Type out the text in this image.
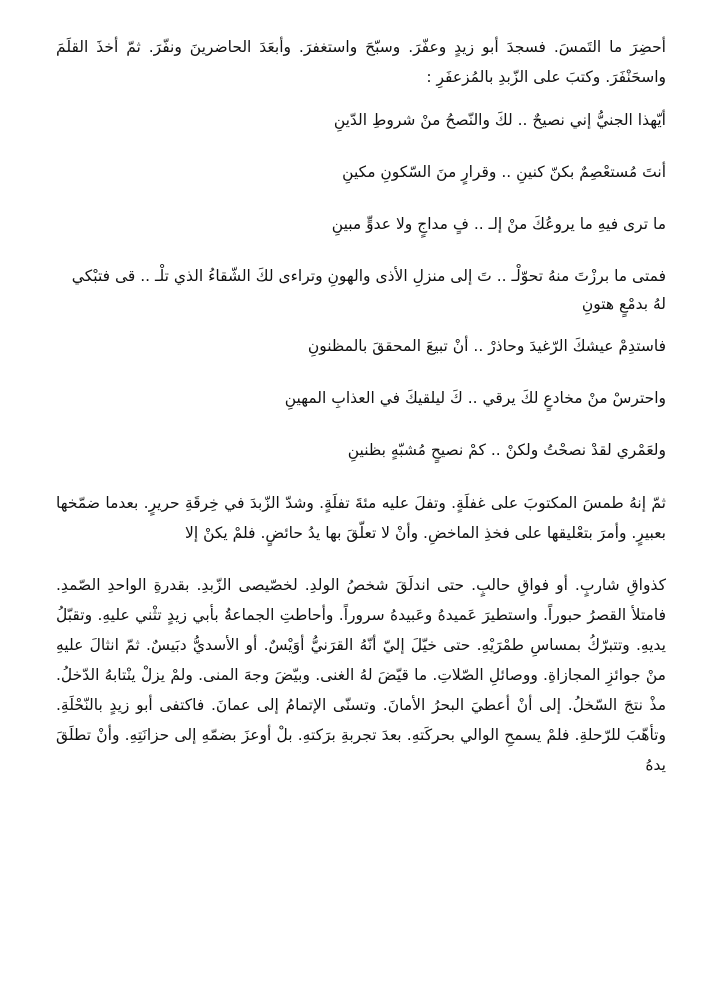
أحضِرَ ما التَمسَ. فسجدَ أبو زيدٍ وعفّرَ. وسبّحَ واستغفرَ. وأبعَدَ الحاضرينَ ونفّرَ. ثمّ أخذَ القلَمَ واسحَنْفَرَ. وكتبَ على الزّبدِ بالمُزعفَرِ :

أيّهذا الجنيُّ إني نصيحٌ .. لكَ والنّصحُ منْ شروطِ الدّينِ

أنتَ مُستعْصِمٌ بكنّ كنينِ .. وقرارٍ منَ السّكونِ مكينِ

ما ترى فيهِ ما يروعُكَ منْ إلـ .. فٍ مداجٍ ولا عدوٍّ مبينِ

فمتى ما برزْتَ منهُ تحوّلْـ .. تَ إلى منزلِ الأذى والهونِ وتراءى لكَ الشّقاءُ الذي تلْـ .. قى فتبْكي لهُ بدمْعٍ هتونِ

فاستدِمْ عيشكَ الرّغيدَ وحاذرْ .. أنْ تبيعَ المحققَ بالمظنونِ

واحترسْ منْ مخادعٍ لكَ يرقي .. كَ ليلقيكَ في العذابِ المهينِ

ولعَمْري لقدْ نصحْتُ ولكنْ .. كمْ نصيحٍ مُشبّهٍ بظنينِ

ثمّ إنهُ طمسَ المكتوبَ على غفلَةٍ. وتفلَ عليه مئةَ تفلَةٍ. وشدّ الزّبدَ في خِرقَةِ حريرٍ. بعدما ضمّخها بعبيرٍ. وأمرَ بتعْليقها على فخذِ الماخضِ. وأنْ لا تعلّقَ بها يدُ حائضٍ. فلمْ يكنْ إلا

كذواقِ شاربٍ. أو فواقِ حالبٍ. حتى اندلَقَ شخصُ الولدِ. لخصّيصى الزّبدِ. بقدرةِ الواحدِ الصّمدِ. فامتلأ القصرُ حبوراً. واستطيرَ عَميدهُ وعَبيدهُ سروراً. وأحاطتِ الجماعةُ بأبي زيدٍ تثْني عليهِ. وتقبّلُ يديهِ. وتتبرّكُ بمساسِ طمْرَيْهِ. حتى خيّلَ إليّ أنّهُ القرَنيُّ أوَيْسٌ. أو الأسديُّ دبَيسٌ. ثمّ انثالَ عليهِ منْ جوائزِ المجازاةِ. ووصائلِ الصّلاتِ. ما قيّضَ لهُ الغنى. وبيّضَ وجهَ المنى. ولمْ يزلْ ينْتابهُ الدّخلُ. مذْ نتجَ السّخلُ. إلى أنْ أعطيَ البحرُ الأمانَ. وتسنّى الإتمامُ إلى عمانَ. فاكتفى أبو زيدٍ بالنّحْلَةِ. وتأهّبَ للرّحلةِ. فلمْ يسمحِ الوالي بحركَتهِ. بعدَ تجربةِ برَكتهِ. بلْ أوعزَ بضمّهِ إلى حزانَتِهِ. وأنْ تطلَقَ يدهُ
